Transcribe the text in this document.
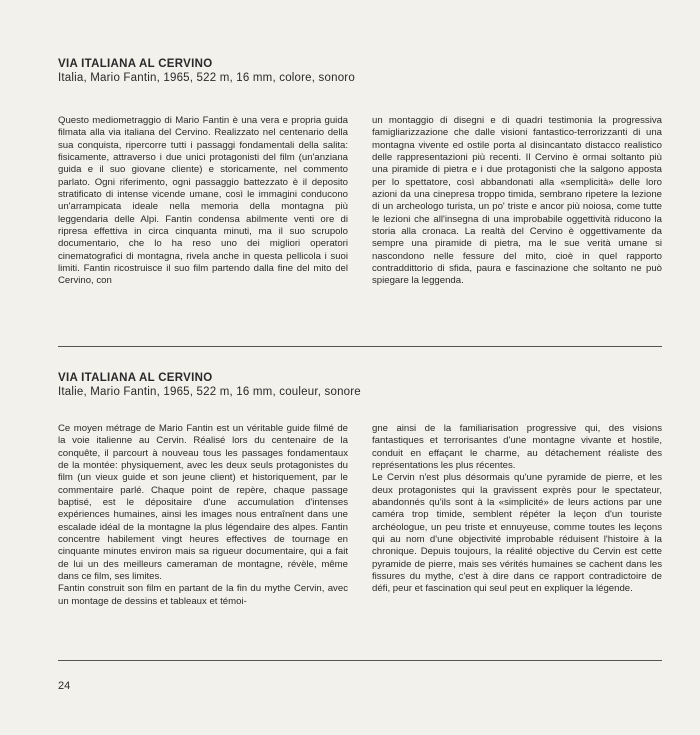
VIA ITALIANA AL CERVINO
Italia, Mario Fantin, 1965, 522 m, 16 mm, colore, sonoro

Questo mediometraggio di Mario Fantin è una vera e propria guida filmata alla via italiana del Cervino. Realizzato nel centenario della sua conquista, ripercorre tutti i passaggi fondamentali della salita: fisicamente, attraverso i due unici protagonisti del film (un'anziana guida e il suo giovane cliente) e storicamente, nel commento parlato. Ogni riferimento, ogni passaggio battezzato è il deposito stratificato di intense vicende umane, così le immagini conducono un'arrampicata ideale nella memoria della montagna più leggendaria delle Alpi. Fantin condensa abilmente venti ore di ripresa effettiva in circa cinquanta minuti, ma il suo scrupolo documentario, che lo ha reso uno dei migliori operatori cinematografici di montagna, rivela anche in questa pellicola i suoi limiti. Fantin ricostruisce il suo film partendo dalla fine del mito del Cervino, con

un montaggio di disegni e di quadri testimonia la progressiva famigliarizzazione che dalle visioni fantastico-terrorizzanti di una montagna vivente ed ostile porta al disincantato distacco realistico delle rappresentazioni più recenti. Il Cervino è ormai soltanto più una piramide di pietra e i due protagonisti che la salgono apposta per lo spettatore, così abbandonati alla «semplicità» delle loro azioni da una cinepresa troppo timida, sembrano ripetere la lezione di un archeologo turista, un po' triste e ancor più noiosa, come tutte le lezioni che all'insegna di una improbabile oggettività riducono la storia alla cronaca. La realtà del Cervino è oggettivamente da sempre una piramide di pietra, ma le sue verità umane si nascondono nelle fessure del mito, cioè in quel rapporto contraddittorio di sfida, paura e fascinazione che soltanto ne può spiegare la leggenda.

VIA ITALIANA AL CERVINO
Italie, Mario Fantin, 1965, 522 m, 16 mm, couleur, sonore

Ce moyen métrage de Mario Fantin est un véritable guide filmé de la voie italienne au Cervin. Réalisé lors du centenaire de la conquête, il parcourt à nouveau tous les passages fondamentaux de la montée: physiquement, avec les deux seuls protagonistes du film (un vieux guide et son jeune client) et historiquement, par le commentaire parlé. Chaque point de repère, chaque passage baptisé, est le dépositaire d'une accumulation d'intenses expériences humaines, ainsi les images nous entraînent dans une escalade idéal de la montagne la plus légendaire des alpes. Fantin concentre habilement vingt heures effectives de tournage en cinquante minutes environ mais sa rigueur documentaire, qui a fait de lui un des meilleurs cameraman de montagne, révèle, même dans ce film, ses limites.

Fantin construit son film en partant de la fin du mythe Cervin, avec un montage de dessins et tableaux et témoi-

gne ainsi de la familiarisation progressive qui, des visions fantastiques et terrorisantes d'une montagne vivante et hostile, conduit en effaçant le charme, au détachement réaliste des représentations les plus récentes.

Le Cervin n'est plus désormais qu'une pyramide de pierre, et les deux protagonistes qui la gravissent exprès pour le spectateur, abandonnés qu'ils sont à la «simplicité» de leurs actions par une caméra trop timide, semblent répéter la leçon d'un touriste archéologue, un peu triste et ennuyeuse, comme toutes les leçons qui au nom d'une objectivité improbable réduisent l'histoire à la chronique. Depuis toujours, la réalité objective du Cervin est cette pyramide de pierre, mais ses vérités humaines se cachent dans les fissures du mythe, c'est à dire dans ce rapport contradictoire de défi, peur et fascination qui seul peut en expliquer la légende.

24
